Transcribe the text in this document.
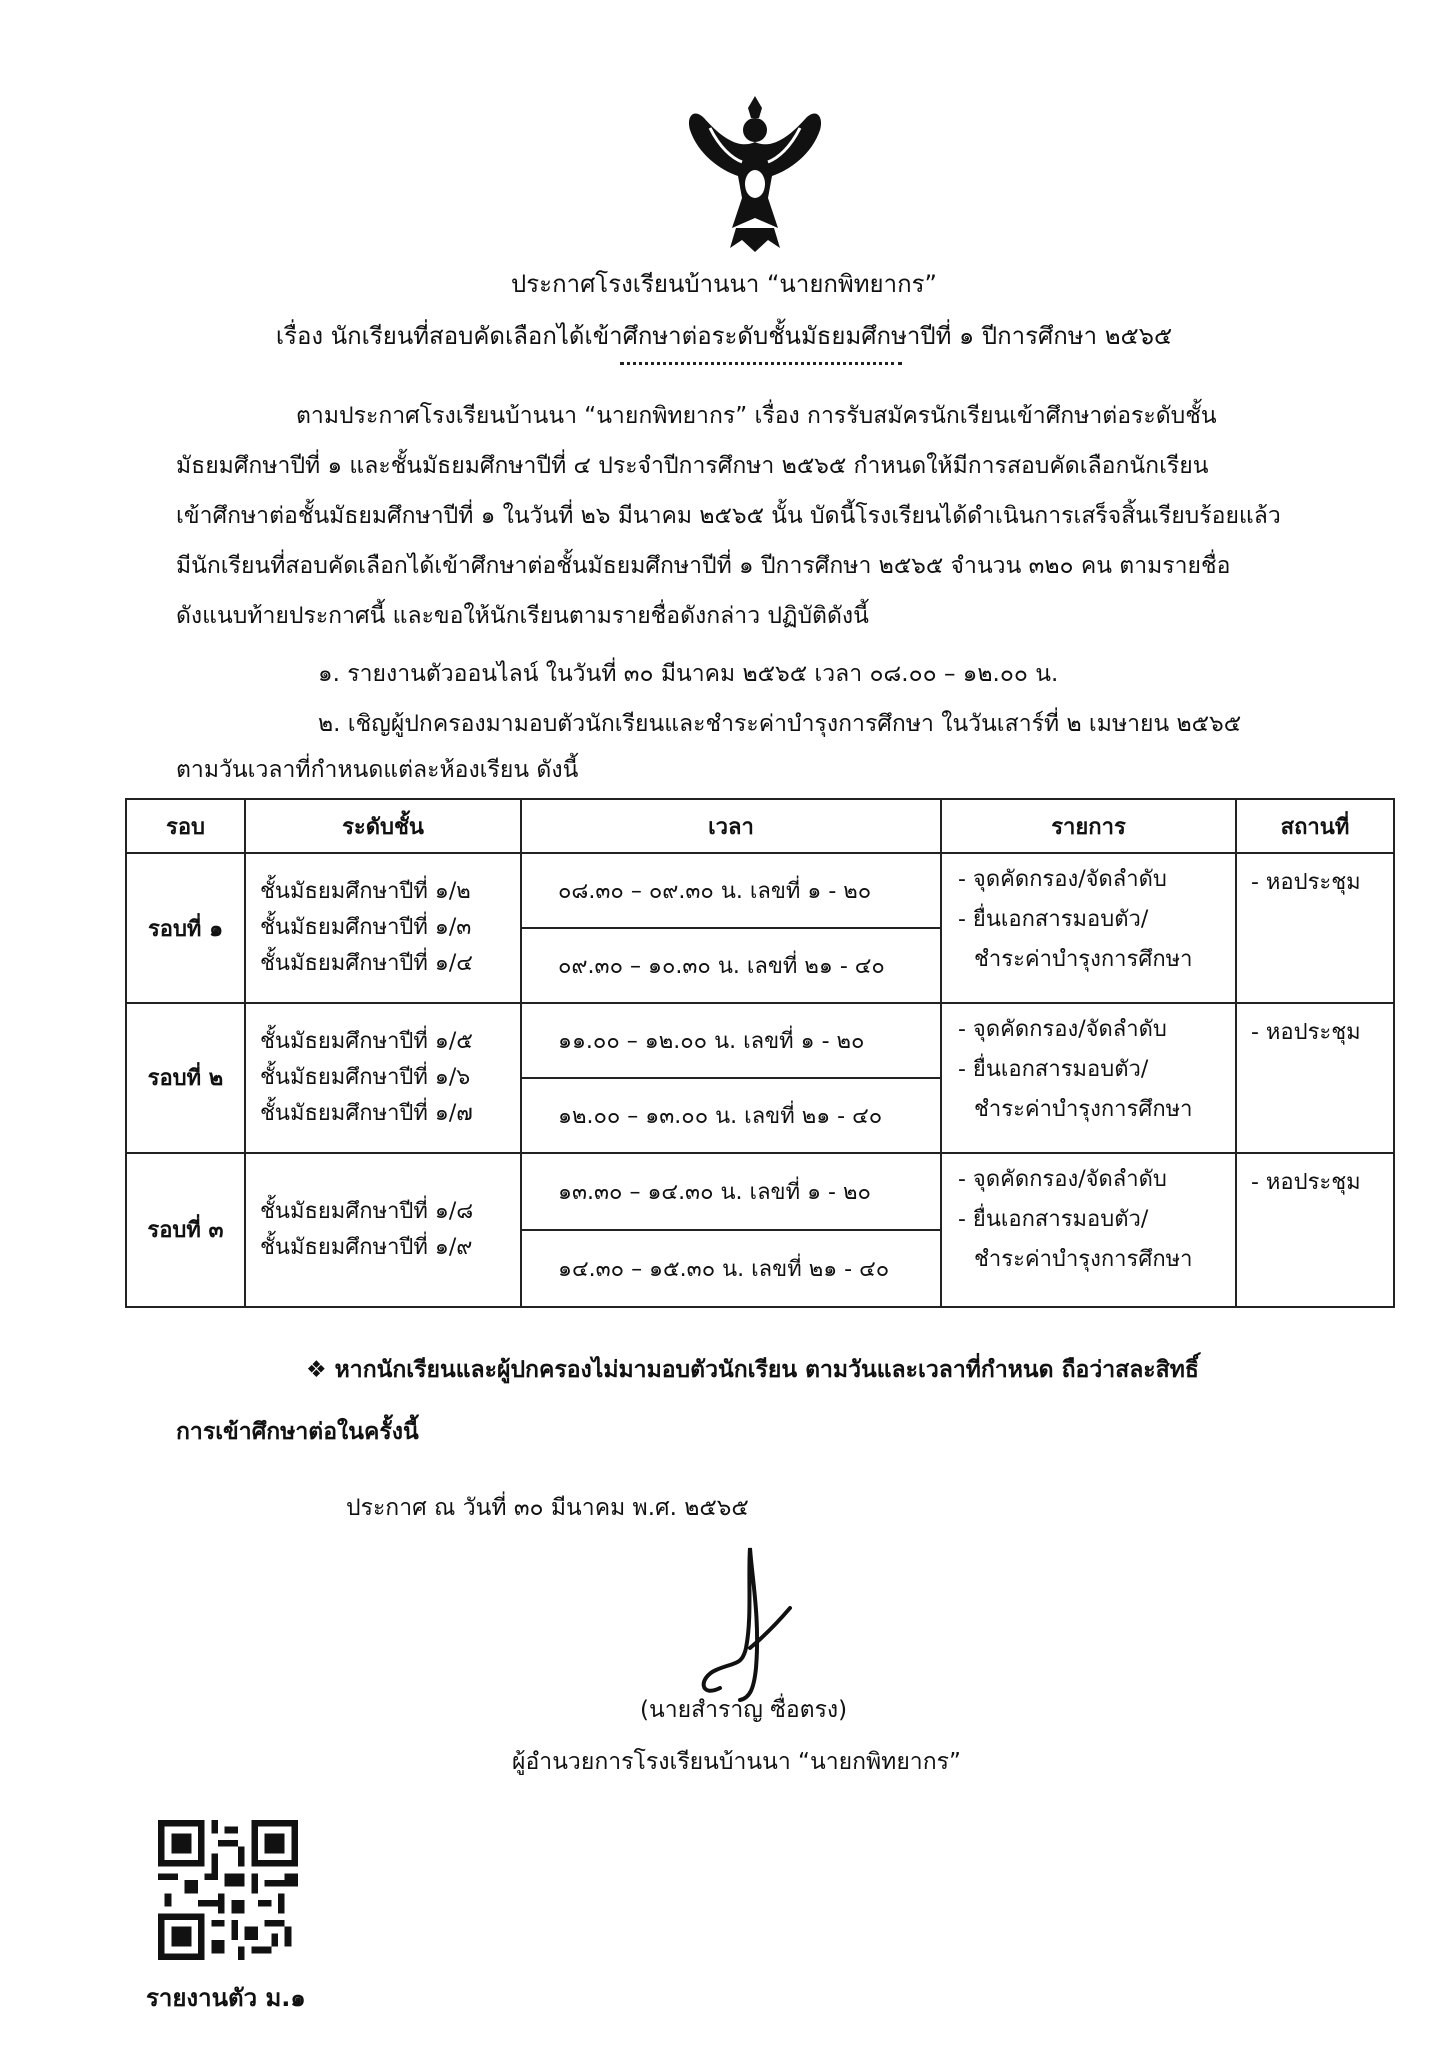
ประกาศโรงเรียนบ้านนา “นายกพิทยากร”
เรื่อง นักเรียนที่สอบคัดเลือกได้เข้าศึกษาต่อระดับชั้นมัธยมศึกษาปีที่ ๑ ปีการศึกษา ๒๕๖๕
ตามประกาศโรงเรียนบ้านนา “นายกพิทยากร” เรื่อง การรับสมัครนักเรียนเข้าศึกษาต่อระดับชั้น
มัธยมศึกษาปีที่ ๑ และชั้นมัธยมศึกษาปีที่ ๔ ประจำปีการศึกษา ๒๕๖๕ กำหนดให้มีการสอบคัดเลือกนักเรียน
เข้าศึกษาต่อชั้นมัธยมศึกษาปีที่ ๑ ในวันที่ ๒๖ มีนาคม ๒๕๖๕ นั้น บัดนี้โรงเรียนได้ดำเนินการเสร็จสิ้นเรียบร้อยแล้ว
มีนักเรียนที่สอบคัดเลือกได้เข้าศึกษาต่อชั้นมัธยมศึกษาปีที่ ๑ ปีการศึกษา ๒๕๖๕ จำนวน ๓๒๐ คน ตามรายชื่อ
ดังแนบท้ายประกาศนี้ และขอให้นักเรียนตามรายชื่อดังกล่าว ปฏิบัติดังนี้
๑. รายงานตัวออนไลน์ ในวันที่ ๓๐ มีนาคม ๒๕๖๕ เวลา ๐๘.๐๐ – ๑๒.๐๐ น.
๒. เชิญผู้ปกครองมามอบตัวนักเรียนและชำระค่าบำรุงการศึกษา ในวันเสาร์ที่ ๒ เมษายน ๒๕๖๕
ตามวันเวลาที่กำหนดแต่ละห้องเรียน ดังนี้
รอบ	ระดับชั้น	เวลา	รายการ	สถานที่
รอบที่ ๑	ชั้นมัธยมศึกษาปีที่ ๑/๒
ชั้นมัธยมศึกษาปีที่ ๑/๓
ชั้นมัธยมศึกษาปีที่ ๑/๔	๐๘.๓๐ – ๐๙.๓๐ น. เลขที่ ๑ - ๒๐	- จุดคัดกรอง/จัดลำดับ
- ยื่นเอกสารมอบตัว/
ชำระค่าบำรุงการศึกษา	- หอประชุม
		๐๙.๓๐ – ๑๐.๓๐ น. เลขที่ ๒๑ - ๔๐		
รอบที่ ๒	ชั้นมัธยมศึกษาปีที่ ๑/๕
ชั้นมัธยมศึกษาปีที่ ๑/๖
ชั้นมัธยมศึกษาปีที่ ๑/๗	๑๑.๐๐ – ๑๒.๐๐ น. เลขที่ ๑ - ๒๐	- จุดคัดกรอง/จัดลำดับ
- ยื่นเอกสารมอบตัว/
ชำระค่าบำรุงการศึกษา	- หอประชุม
		๑๒.๐๐ – ๑๓.๐๐ น. เลขที่ ๒๑ - ๔๐		
รอบที่ ๓	ชั้นมัธยมศึกษาปีที่ ๑/๘
ชั้นมัธยมศึกษาปีที่ ๑/๙	๑๓.๓๐ – ๑๔.๓๐ น. เลขที่ ๑ - ๒๐	- จุดคัดกรอง/จัดลำดับ
- ยื่นเอกสารมอบตัว/
ชำระค่าบำรุงการศึกษา	- หอประชุม
		๑๔.๓๐ – ๑๕.๓๐ น. เลขที่ ๒๑ - ๔๐		
❖ หากนักเรียนและผู้ปกครองไม่มามอบตัวนักเรียน ตามวันและเวลาที่กำหนด ถือว่าสละสิทธิ์
การเข้าศึกษาต่อในครั้งนี้
ประกาศ ณ วันที่ ๓๐ มีนาคม พ.ศ. ๒๕๖๕
(นายสำราญ ซื่อตรง)
ผู้อำนวยการโรงเรียนบ้านนา “นายกพิทยากร”
รายงานตัว ม.๑
